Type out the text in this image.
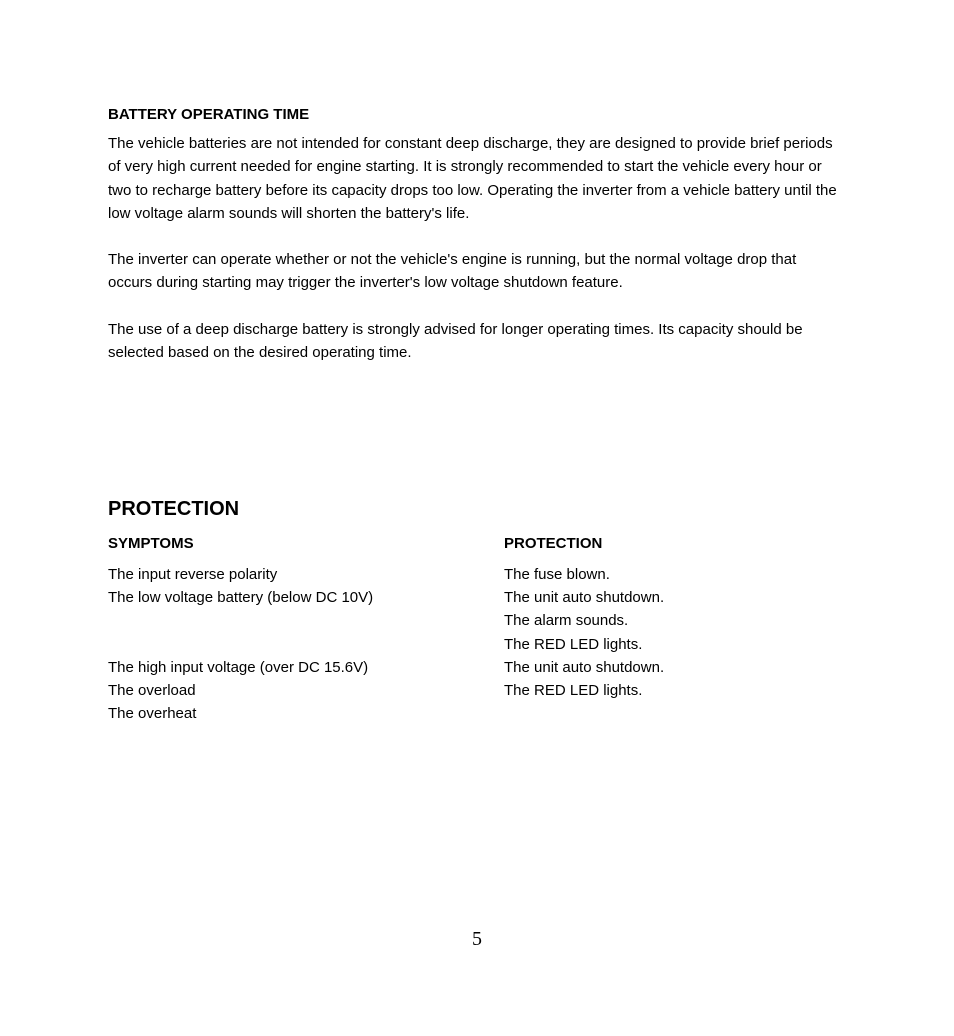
BATTERY OPERATING TIME

The vehicle batteries are not intended for constant deep discharge, they are designed to provide brief periods of very high current needed for engine starting. It is strongly recommended to start the vehicle every hour or two to recharge battery before its capacity drops too low. Operating the inverter from a vehicle battery until the low voltage alarm sounds will shorten the battery's life.

The inverter can operate whether or not the vehicle's engine is running, but the normal voltage drop that occurs during starting may trigger the inverter's low voltage shutdown feature.

The use of a deep discharge battery is strongly advised for longer operating times. Its capacity should be selected based on the desired operating time.

PROTECTION
SYMPTOMS	PROTECTION
The input reverse polarity
The low voltage battery (below DC 10V)
The high input voltage (over DC 15.6V)
The overload
The overheat
The fuse blown.
The unit auto shutdown.
The alarm sounds.
The RED LED lights.
The unit auto shutdown.
The RED LED lights.
5
